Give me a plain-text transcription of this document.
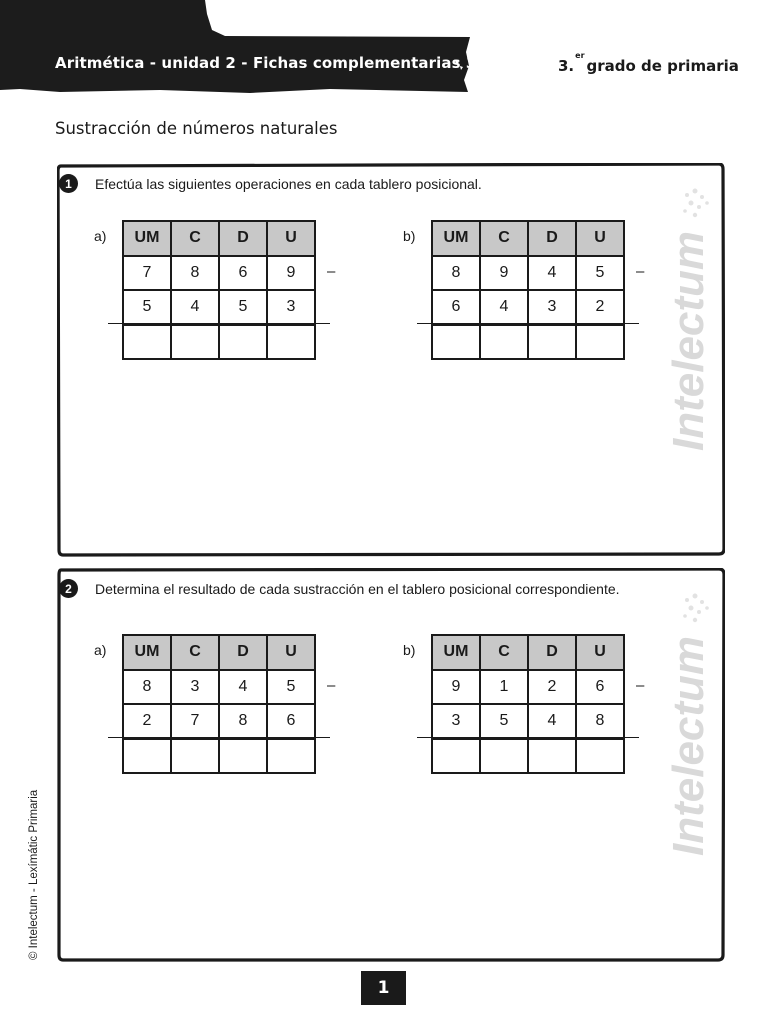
Aritmética - unidad 2 - Fichas complementarias 3	3.$^{er}$grado de primaria
Sustracción de números naturales
1	Efectúa las siguientes operaciones en cada tablero posicional.
Intelectum
2	Determina el resultado de cada sustracción en el tablero posicional correspondiente.
Intelectum
a) UM	C	D	U
7	8	6	9
5	4	5	3

–
b) UM	C	D	U
8	9	4	5
6	4	3	2

–
a) UM	C	D	U
8	3	4	5
2	7	8	6

–
b) UM	C	D	U
9	1	2	6
3	5	4	8

–
© Intelectum - Lexímátic Primaria
1
